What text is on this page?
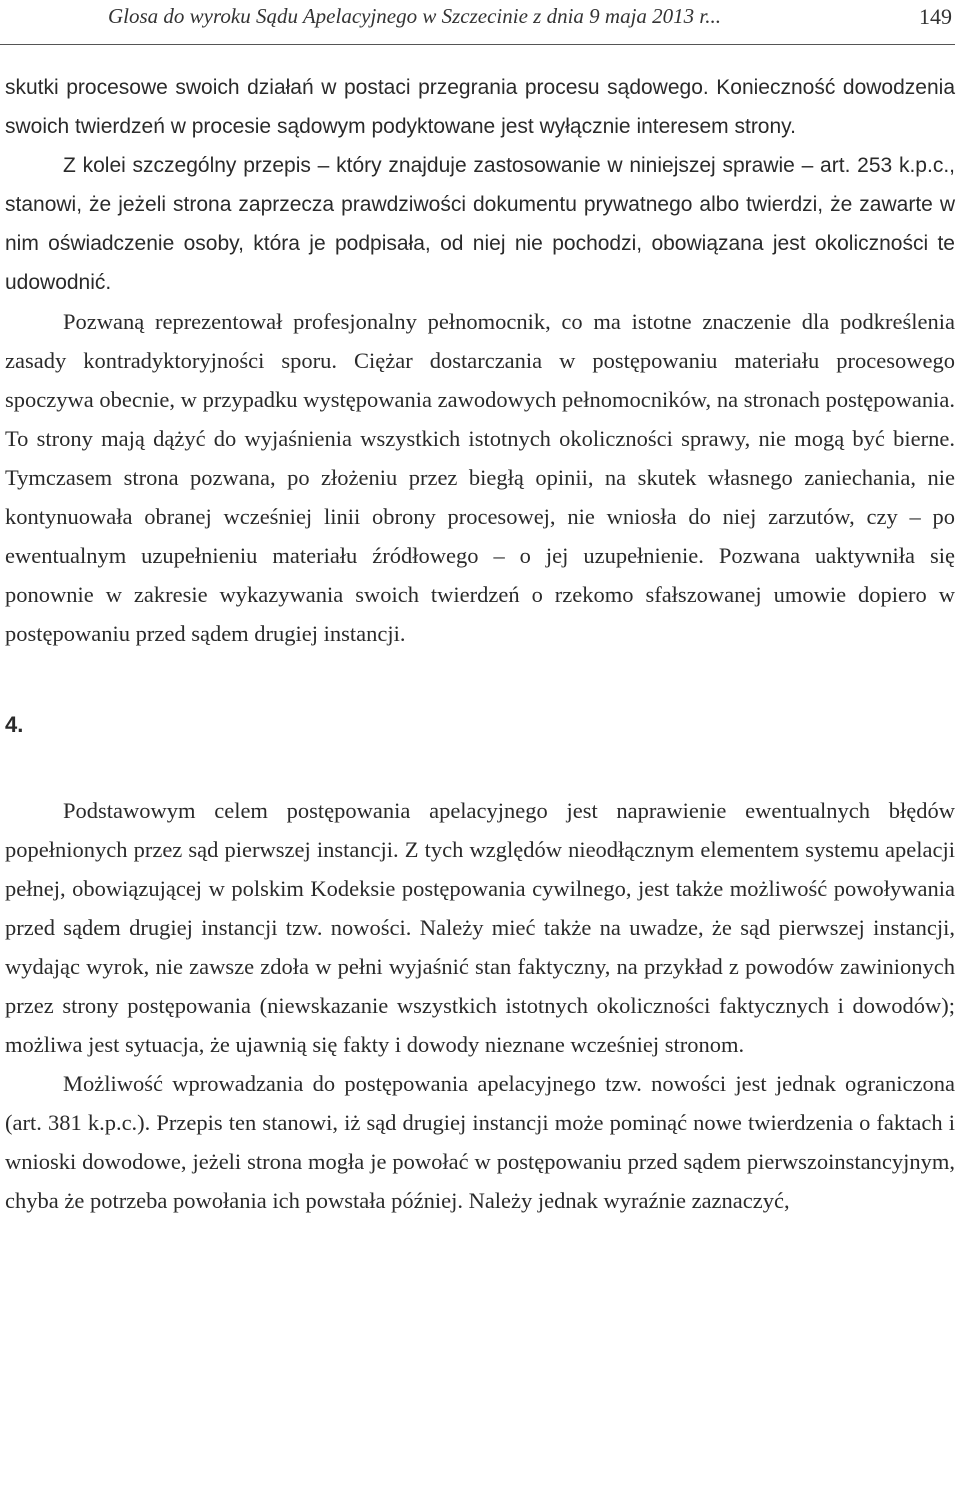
Glosa do wyroku Sądu Apelacyjnego w Szczecinie z dnia 9 maja 2013 r...	149

skutki procesowe swoich działań w postaci przegrania procesu sądowego. Konieczność dowodzenia swoich twierdzeń w procesie sądowym podyktowane jest wyłącznie interesem strony.

Z kolei szczególny przepis – który znajduje zastosowanie w niniejszej sprawie – art. 253 k.p.c., stanowi, że jeżeli strona zaprzecza prawdziwości dokumentu prywatnego albo twierdzi, że zawarte w nim oświadczenie osoby, która je podpisała, od niej nie pochodzi, obowiązana jest okoliczności te udowodnić.

Pozwaną reprezentował profesjonalny pełnomocnik, co ma istotne znaczenie dla podkreślenia zasady kontradyktoryjności sporu. Ciężar dostarczania w postępowaniu materiału procesowego spoczywa obecnie, w przypadku występowania zawodowych pełnomocników, na stronach postępowania. To strony mają dążyć do wyjaśnienia wszystkich istotnych okoliczności sprawy, nie mogą być bierne. Tymczasem strona pozwana, po złożeniu przez biegłą opinii, na skutek własnego zaniechania, nie kontynuowała obranej wcześniej linii obrony procesowej, nie wniosła do niej zarzutów, czy – po ewentualnym uzupełnieniu materiału źródłowego – o jej uzupełnienie. Pozwana uaktywniła się ponownie w zakresie wykazywania swoich twierdzeń o rzekomo sfałszowanej umowie dopiero w postępowaniu przed sądem drugiej instancji.

4.

Podstawowym celem postępowania apelacyjnego jest naprawienie ewentualnych błędów popełnionych przez sąd pierwszej instancji. Z tych względów nieodłącznym elementem systemu apelacji pełnej, obowiązującej w polskim Kodeksie postępowania cywilnego, jest także możliwość powoływania przed sądem drugiej instancji tzw. nowości. Należy mieć także na uwadze, że sąd pierwszej instancji, wydając wyrok, nie zawsze zdoła w pełni wyjaśnić stan faktyczny, na przykład z powodów zawinionych przez strony postępowania (niewskazanie wszystkich istotnych okoliczności faktycznych i dowodów); możliwa jest sytuacja, że ujawnią się fakty i dowody nieznane wcześniej stronom.

Możliwość wprowadzania do postępowania apelacyjnego tzw. nowości jest jednak ograniczona (art. 381 k.p.c.). Przepis ten stanowi, iż sąd drugiej instancji może pominąć nowe twierdzenia o faktach i wnioski dowodowe, jeżeli strona mogła je powołać w postępowaniu przed sądem pierwszoinstancyjnym, chyba że potrzeba powołania ich powstała później. Należy jednak wyraźnie zaznaczyć,
